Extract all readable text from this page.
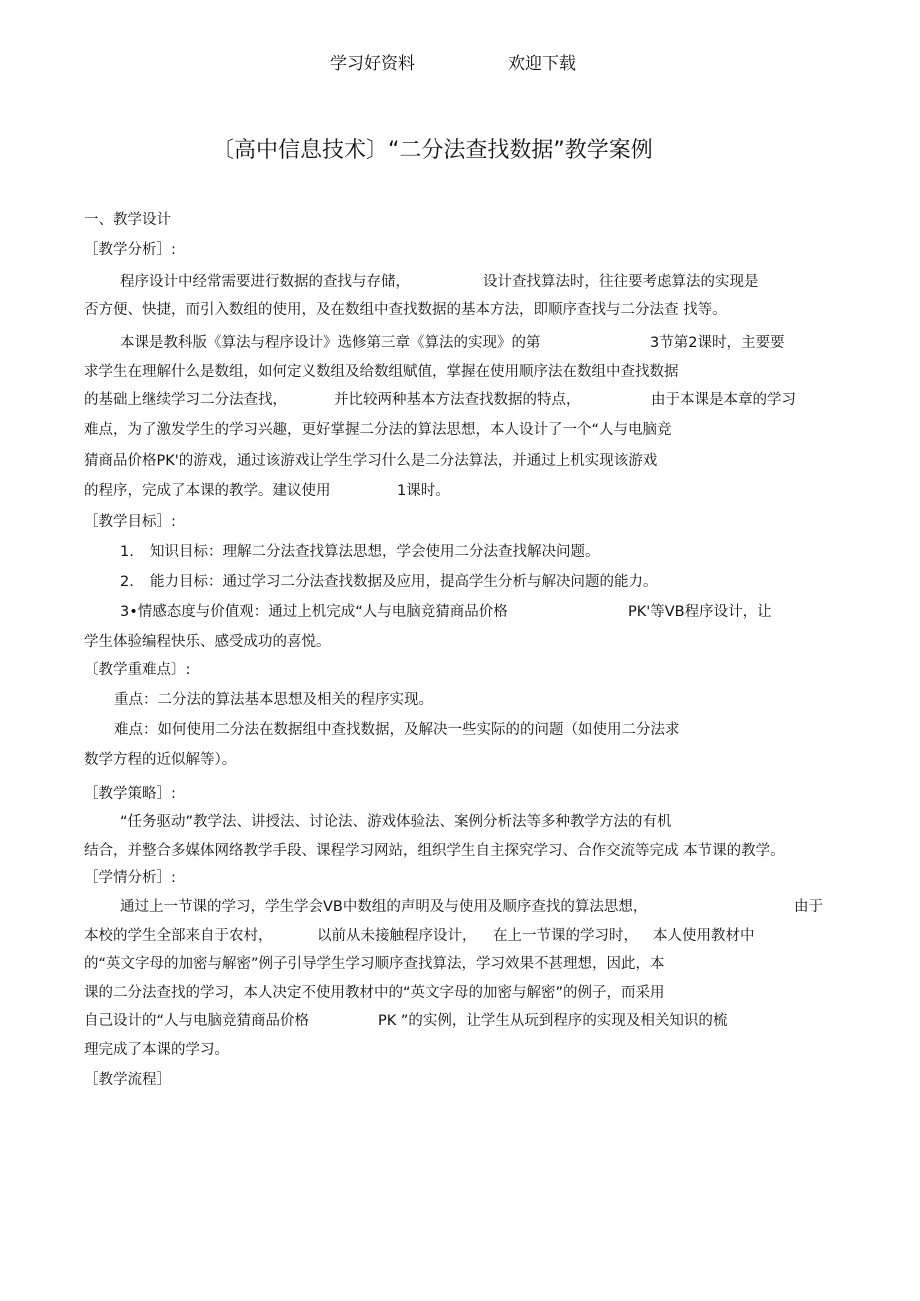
学习好资料	欢迎下载
〔高中信息技术〕“二分法查找数据”教学案例
一、教学设计
［教学分析］:
程序设计中经常需要进行数据的查找与存储，	设计查找算法时，往往要考虑算法的实现是
否方便、快捷，而引入数组的使用，及在数组中查找数据的基本方法，即顺序查找与二分法查 找等。
本课是教科版《算法与程序设计》选修第三章《算法的实现》的第	3节第2课时，主要要
求学生在理解什么是数组，如何定义数组及给数组赋值，掌握在使用顺序法在数组中查找数据
的基础上继续学习二分法查找，	并比较两种基本方法查找数据的特点，	由于本课是本章的学习
难点，为了激发学生的学习兴趣，更好掌握二分法的算法思想，本人设计了一个“人与电脑竞
猜商品价格PK'的游戏，通过该游戏让学生学习什么是二分法算法，并通过上机实现该游戏
的程序，完成了本课的教学。建议使用	1课时。
［教学目标］:
1. 知识目标：理解二分法查找算法思想，学会使用二分法查找解决问题。
2. 能力目标：通过学习二分法查找数据及应用，提高学生分析与解决问题的能力。
3•情感态度与价值观：通过上机完成“人与电脑竞猜商品价格	PK'等VB程序设计，让
学生体验编程快乐、感受成功的喜悦。
〔教学重难点〕:
重点：二分法的算法基本思想及相关的程序实现。
难点：如何使用二分法在数据组中查找数据，及解决一些实际的的问题（如使用二分法求
数学方程的近似解等）。
［教学策略］:
“任务驱动”教学法、讲授法、讨论法、游戏体验法、案例分析法等多种教学方法的有机
结合，并整合多媒体网络教学手段、课程学习网站，组织学生自主探究学习、合作交流等完成 本节课的教学。
［学情分析］:
通过上一节课的学习，学生学会VB中数组的声明及与使用及顺序查找的算法思想，	由于
本校的学生全部来自于农村，	以前从未接触程序设计， 在上一节课的学习时， 本人使用教材中
的“英文字母的加密与解密”例子引导学生学习顺序查找算法，学习效果不甚理想，因此，本
课的二分法查找的学习，本人决定不使用教材中的“英文字母的加密与解密”的例子，而采用
自己设计的“人与电脑竞猜商品价格	PK ”的实例，让学生从玩到程序的实现及相关知识的梳
理完成了本课的学习。
［教学流程］
